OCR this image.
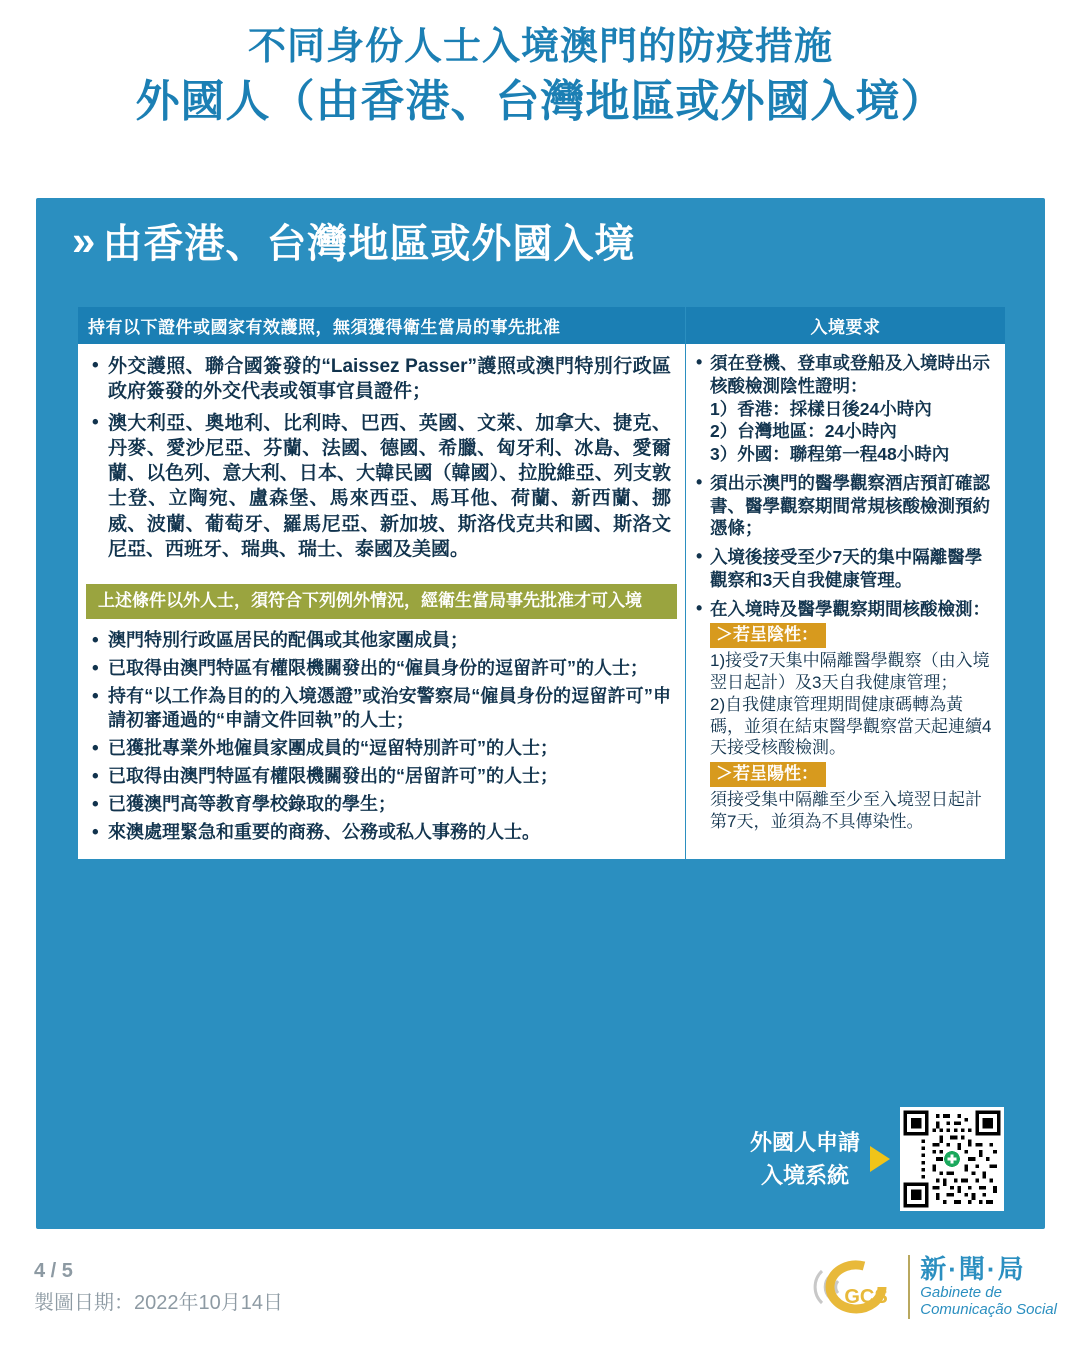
不同身份人士入境澳門的防疫措施
外國人（由香港、台灣地區或外國入境）
» 由香港、台灣地區或外國入境
持有以下證件或國家有效護照，無須獲得衛生當局的事先批准
• 外交護照、聯合國簽發的“Laissez Passer”護照或澳門特別行政區政府簽發的外交代表或領事官員證件；
• 澳大利亞、奧地利、比利時、巴西、英國、文萊、加拿大、捷克、丹麥、愛沙尼亞、芬蘭、法國、德國、希臘、匈牙利、冰島、愛爾蘭、以色列、意大利、日本、大韓民國（韓國）、拉脫維亞、列支敦士登、立陶宛、盧森堡、馬來西亞、馬耳他、荷蘭、新西蘭、挪威、波蘭、葡萄牙、羅馬尼亞、新加坡、斯洛伐克共和國、斯洛文尼亞、西班牙、瑞典、瑞士、泰國及美國。
上述條件以外人士，須符合下列例外情況，經衛生當局事先批准才可入境
• 澳門特別行政區居民的配偶或其他家團成員；
• 已取得由澳門特區有權限機關發出的“僱員身份的逗留許可”的人士；
• 持有“以工作為目的的入境憑證”或治安警察局“僱員身份的逗留許可”申請初審通過的“申請文件回執”的人士；
• 已獲批專業外地僱員家團成員的“逗留特別許可”的人士；
• 已取得由澳門特區有權限機關發出的“居留許可”的人士；
• 已獲澳門高等教育學校錄取的學生；
• 來澳處理緊急和重要的商務、公務或私人事務的人士。
入境要求
• 須在登機、登車或登船及入境時出示核酸檢測陰性證明：
1）香港：採樣日後24小時內
2）台灣地區：24小時內
3）外國：聯程第一程48小時內
• 須出示澳門的醫學觀察酒店預訂確認書、醫學觀察期間常規核酸檢測預約憑條；
• 入境後接受至少7天的集中隔離醫學觀察和3天自我健康管理。
• 在入境時及醫學觀察期間核酸檢測：
＞若呈陰性：
1)接受7天集中隔離醫學觀察（由入境翌日起計）及3天自我健康管理；
2)自我健康管理期間健康碼轉為黃碼，並須在結束醫學觀察當天起連續4天接受核酸檢測。
＞若呈陽性：
須接受集中隔離至少至入境翌日起計第7天，並須為不具傳染性。
外國人申請
入境系統
4 / 5
製圖日期：2022年10月14日	GCS
新·聞·局
Gabinete de
Comunicação Social
